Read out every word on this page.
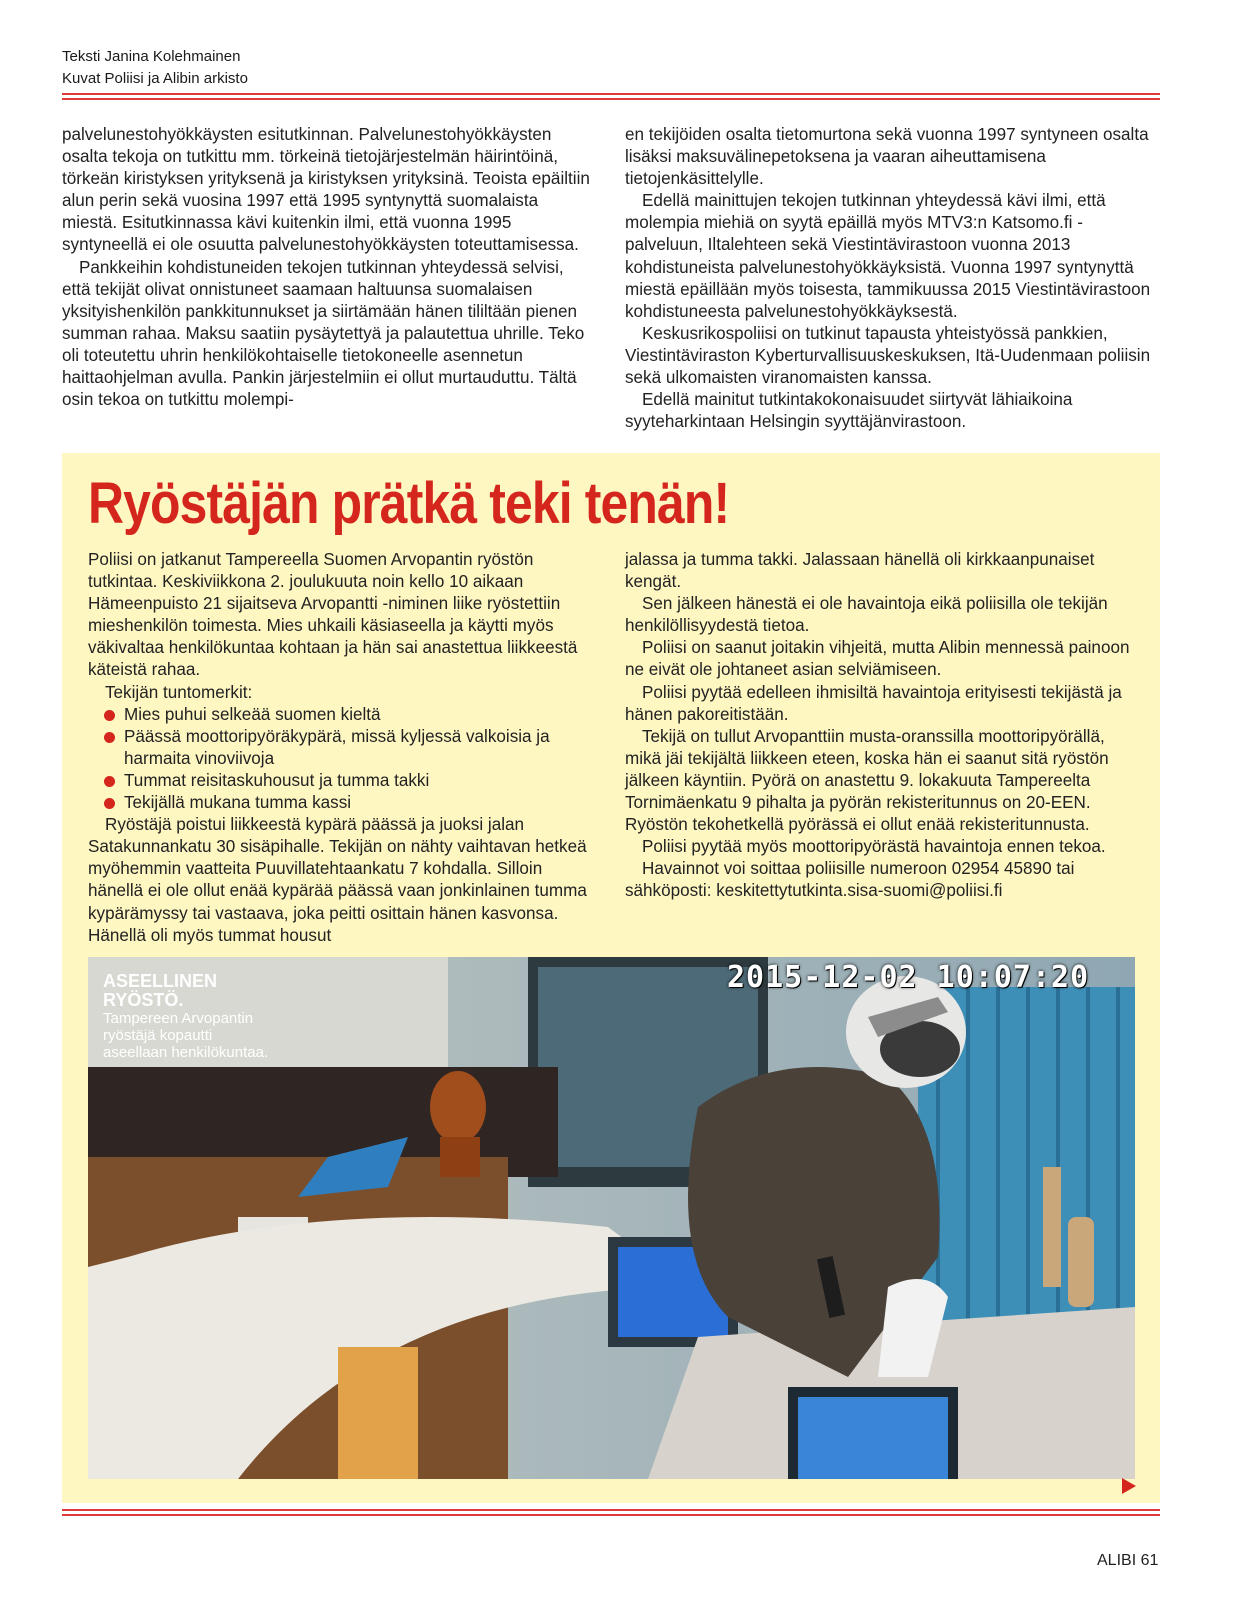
Teksti Janina Kolehmainen
Kuvat Poliisi ja Alibin arkisto

palvelunestohyökkäysten esitutkinnan. Palvelunestohyökkäysten osalta tekoja on tutkittu mm. törkeinä tietojärjestelmän häirintöinä, törkeän kiristyksen yrityksenä ja kiristyksen yrityksinä. Teoista epäiltiin alun perin sekä vuosina 1997 että 1995 syntynyttä suomalaista miestä. Esitutkinnassa kävi kuitenkin ilmi, että vuonna 1995 syntyneellä ei ole osuutta palvelunestohyökkäysten toteuttamisessa.

Pankkeihin kohdistuneiden tekojen tutkinnan yhteydessä selvisi, että tekijät olivat onnistuneet saamaan haltuunsa suomalaisen yksityishenkilön pankkitunnukset ja siirtämään hänen tililtään pienen summan rahaa. Maksu saatiin pysäytettyä ja palautettua uhrille. Teko oli toteutettu uhrin henkilökohtaiselle tietokoneelle asennetun haittaohjelman avulla. Pankin järjestelmiin ei ollut murtauduttu. Tältä osin tekoa on tutkittu molempi-

en tekijöiden osalta tietomurtona sekä vuonna 1997 syntyneen osalta lisäksi maksuvälinepetoksena ja vaaran aiheuttamisena tietojenkäsittelylle.

Edellä mainittujen tekojen tutkinnan yhteydessä kävi ilmi, että molempia miehiä on syytä epäillä myös MTV3:n Katsomo.fi -palveluun, Iltalehteen sekä Viestintävirastoon vuonna 2013 kohdistuneista palvelunestohyökkäyksistä. Vuonna 1997 syntynyttä miestä epäillään myös toisesta, tammikuussa 2015 Viestintävirastoon kohdistuneesta palvelunestohyökkäyksestä.

Keskusrikospoliisi on tutkinut tapausta yhteistyössä pankkien, Viestintäviraston Kyberturvallisuuskeskuksen, Itä-Uudenmaan poliisin sekä ulkomaisten viranomaisten kanssa.

Edellä mainitut tutkintakokonaisuudet siirtyvät lähiaikoina syyteharkintaan Helsingin syyttäjänvirastoon.

Ryöstäjän prätkä teki tenän!

Poliisi on jatkanut Tampereella Suomen Arvopantin ryöstön tutkintaa. Keskiviikkona 2. joulukuuta noin kello 10 aikaan Hämeenpuisto 21 sijaitseva Arvopantti -niminen liike ryöstettiin mieshenkilön toimesta. Mies uhkaili käsiaseella ja käytti myös väkivaltaa henkilökuntaa kohtaan ja hän sai anastettua liikkeestä käteistä rahaa.

Tekijän tuntomerkit:

Mies puhui selkeää suomen kieltä
Päässä moottoripyöräkypärä, missä kyljessä valkoisia ja harmaita vinoviivoja
Tummat reisitaskuhousut ja tumma takki
Tekijällä mukana tumma kassi

Ryöstäjä poistui liikkeestä kypärä päässä ja juoksi jalan Satakunnankatu 30 sisäpihalle. Tekijän on nähty vaihtavan hetkeä myöhemmin vaatteita Puuvillatehtaankatu 7 kohdalla. Silloin hänellä ei ole ollut enää kypärää päässä vaan jonkinlainen tumma kypärämyssy tai vastaava, joka peitti osittain hänen kasvonsa. Hänellä oli myös tummat housut

jalassa ja tumma takki. Jalassaan hänellä oli kirkkaanpunaiset kengät.

Sen jälkeen hänestä ei ole havaintoja eikä poliisilla ole tekijän henkilöllisyydestä tietoa.

Poliisi on saanut joitakin vihjeitä, mutta Alibin mennessä painoon ne eivät ole johtaneet asian selviämiseen.

Poliisi pyytää edelleen ihmisiltä havaintoja erityisesti tekijästä ja hänen pakoreitistään.

Tekijä on tullut Arvopanttiin musta-oranssilla moottoripyörällä, mikä jäi tekijältä liikkeen eteen, koska hän ei saanut sitä ryöstön jälkeen käyntiin. Pyörä on anastettu 9. lokakuuta Tampereelta Tornimäenkatu 9 pihalta ja pyörän rekisteritunnus on 20-EEN. Ryöstön tekohetkellä pyörässä ei ollut enää rekisteritunnusta.

Poliisi pyytää myös moottoripyörästä havaintoja ennen tekoa.

Havainnot voi soittaa poliisille numeroon 02954 45890 tai sähköposti: keskitettytutkinta.sisa-suomi@poliisi.fi

2015-12-02 10:07:20
ASEELLINEN RYÖSTÖ.
Tampereen Arvopantin ryöstäjä kopautti aseellaan henkilökuntaa.
ALIBI 61
